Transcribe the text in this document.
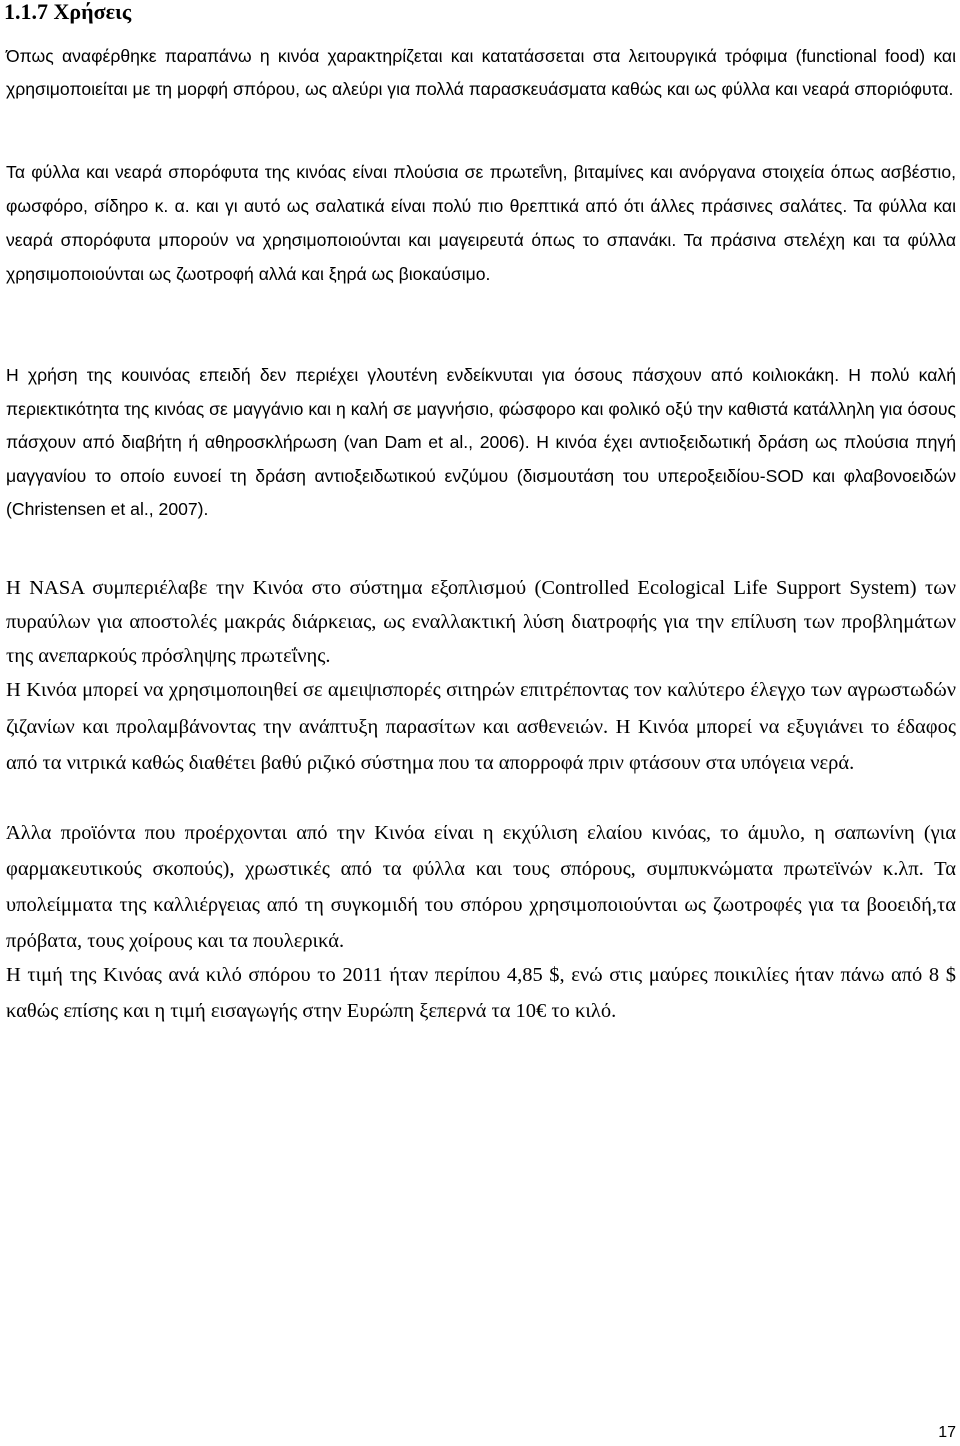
1.1.7 Χρήσεις

Όπως αναφέρθηκε παραπάνω η κινόα χαρακτηρίζεται και κατατάσσεται στα λειτουργικά τρόφιμα (functional food) και χρησιμοποιείται με τη μορφή σπόρου, ως αλεύρι για πολλά παρασκευάσματα καθώς και ως φύλλα και νεαρά σποριόφυτα.

Τα φύλλα και νεαρά σπορόφυτα της κινόας είναι πλούσια σε πρωτεΐνη, βιταμίνες και ανόργανα στοιχεία όπως ασβέστιο, φωσφόρο, σίδηρο κ. α. και γι αυτό ως σαλατικά είναι πολύ πιο θρεπτικά από ότι άλλες πράσινες σαλάτες. Τα φύλλα και νεαρά σπορόφυτα μπορούν να χρησιμοποιούνται και μαγειρευτά όπως το σπανάκι. Τα πράσινα στελέχη και τα φύλλα χρησιμοποιούνται ως ζωοτροφή αλλά και ξηρά ως βιοκαύσιμο.

Η χρήση της κουινόας επειδή δεν περιέχει γλουτένη ενδείκνυται για όσους πάσχουν από κοιλιοκάκη. Η πολύ καλή περιεκτικότητα της κινόας σε μαγγάνιο και η καλή σε μαγνήσιο, φώσφορο και φολικό οξύ την καθιστά κατάλληλη για όσους πάσχουν από διαβήτη ή αθηροσκλήρωση (van Dam et al., 2006). Η κινόα έχει αντιοξειδωτική δράση ως πλούσια πηγή μαγγανίου το οποίο ευνοεί τη δράση αντιοξειδωτικού ενζύμου (δισμουτάση του υπεροξειδίου-SOD και φλαβονοειδών (Christensen et al., 2007).

Η NASA συμπεριέλαβε την Κινόα στο σύστημα εξοπλισμού (Controlled Ecological Life Support System) των πυραύλων για αποστολές μακράς διάρκειας, ως εναλλακτική λύση διατροφής για την επίλυση των προβλημάτων της ανεπαρκούς πρόσληψης πρωτεΐνης.

Η Κινόα μπορεί να χρησιμοποιηθεί σε αμειψισπορές σιτηρών επιτρέποντας τον καλύτερο έλεγχο των αγρωστωδών ζιζανίων και προλαμβάνοντας την ανάπτυξη παρασίτων και ασθενειών. Η Κινόα μπορεί να εξυγιάνει το έδαφος από τα νιτρικά καθώς διαθέτει βαθύ ριζικό σύστημα που τα απορροφά πριν φτάσουν στα υπόγεια νερά.

Άλλα προϊόντα που προέρχονται από την Κινόα είναι η εκχύλιση ελαίου κινόας, το άμυλο, η σαπωνίνη (για φαρμακευτικούς σκοπούς), χρωστικές από τα φύλλα και τους σπόρους, συμπυκνώματα πρωτεϊνών κ.λπ. Τα υπολείμματα της καλλιέργειας από τη συγκομιδή του σπόρου χρησιμοποιούνται ως ζωοτροφές για τα βοοειδή,τα πρόβατα, τους χοίρους και τα πουλερικά.

Η τιμή της Κινόας ανά κιλό σπόρου το 2011 ήταν περίπου 4,85 $, ενώ στις μαύρες ποικιλίες ήταν πάνω από 8 $ καθώς επίσης και η τιμή εισαγωγής στην Ευρώπη ξεπερνά τα 10€ το κιλό.

17
